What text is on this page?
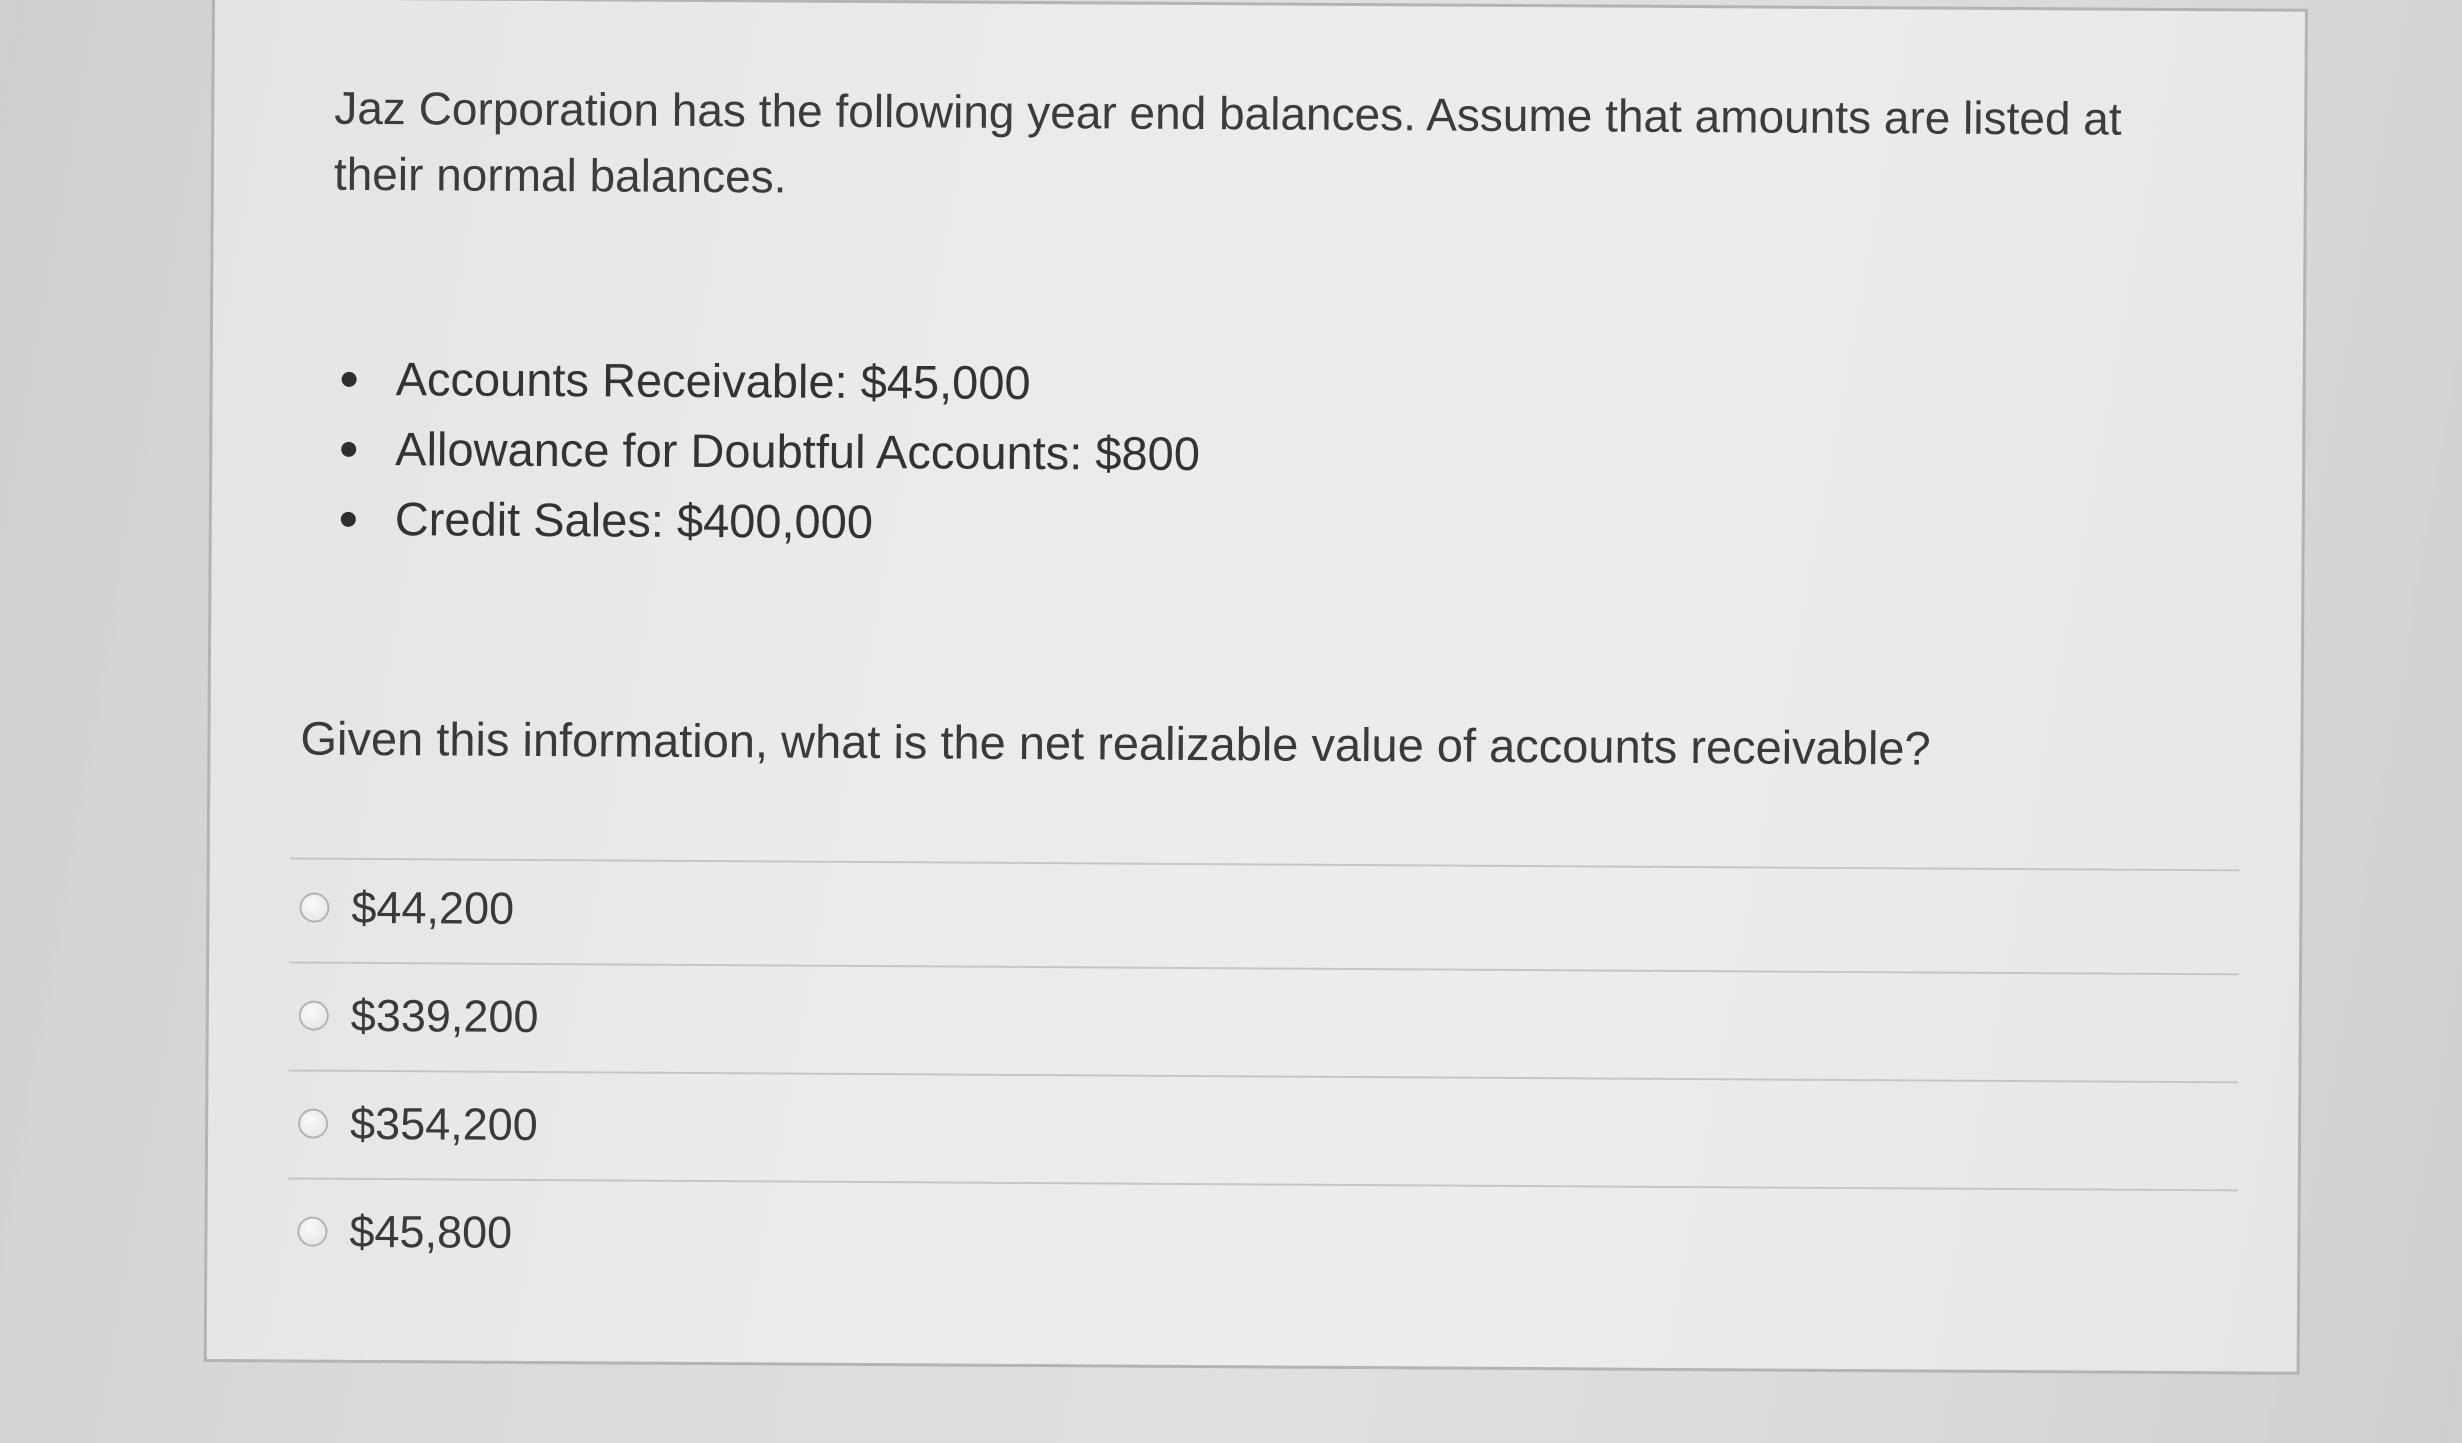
Jaz Corporation has the following year end balances. Assume that amounts are listed at their normal balances.

Accounts Receivable: $45,000
Allowance for Doubtful Accounts: $800
Credit Sales: $400,000

Given this information, what is the net realizable value of accounts receivable?

$44,200
$339,200
$354,200
$45,800
